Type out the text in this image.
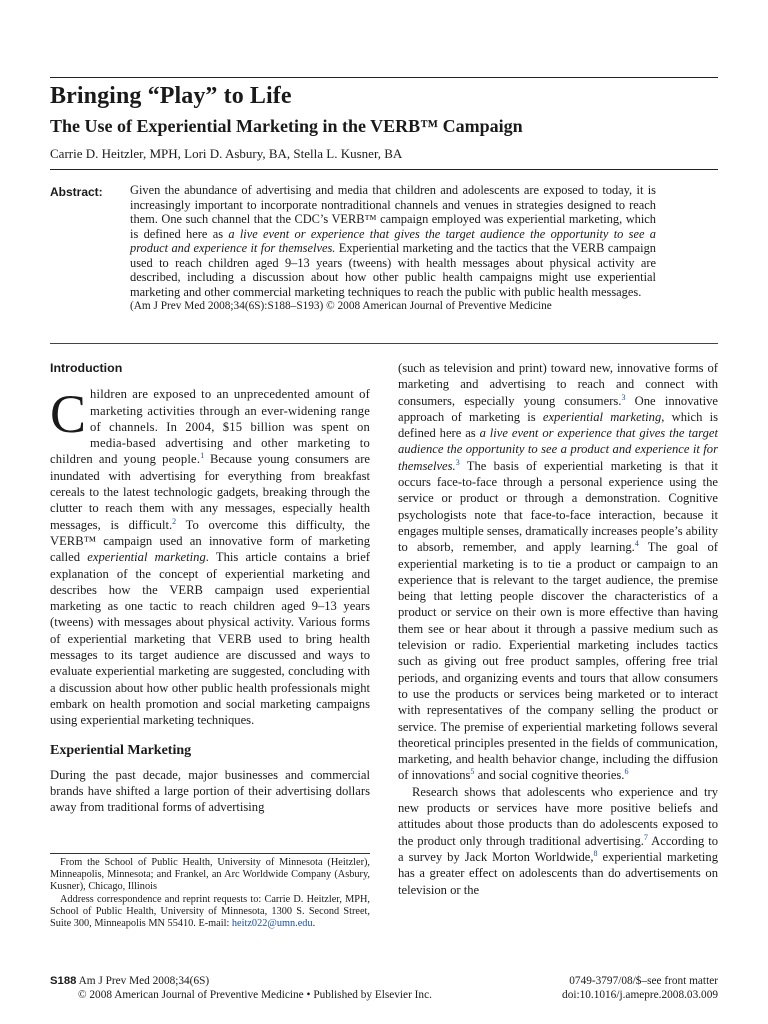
Bringing “Play” to Life
The Use of Experiential Marketing in the VERB™ Campaign
Carrie D. Heitzler, MPH, Lori D. Asbury, BA, Stella L. Kusner, BA
Abstract: Given the abundance of advertising and media that children and adolescents are exposed to today, it is increasingly important to incorporate nontraditional channels and venues in strategies designed to reach them. One such channel that the CDC’s VERB™ campaign employed was experiential marketing, which is defined here as a live event or experience that gives the target audience the opportunity to see a product and experience it for themselves. Experiential marketing and the tactics that the VERB campaign used to reach children aged 9–13 years (tweens) with health messages about physical activity are described, including a discussion about how other public health campaigns might use experiential marketing and other commercial marketing techniques to reach the public with public health messages.
(Am J Prev Med 2008;34(6S):S188–S193) © 2008 American Journal of Preventive Medicine
Introduction

Children are exposed to an unprecedented amount of marketing activities through an ever-widening range of channels. In 2004, $15 billion was spent on media-based advertising and other marketing to children and young people.$^1$ Because young consumers are inundated with advertising for everything from breakfast cereals to the latest technologic gadgets, breaking through the clutter to reach them with any messages, especially health messages, is difficult.$^2$ To overcome this difficulty, the VERB™ campaign used an innovative form of marketing called experiential marketing. This article contains a brief explanation of the concept of experiential marketing and describes how the VERB campaign used experiential marketing as one tactic to reach children aged 9–13 years (tweens) with messages about physical activity. Various forms of experiential marketing that VERB used to bring health messages to its target audience are discussed and ways to evaluate experiential marketing are suggested, concluding with a discussion about how other public health professionals might embark on health promotion and social marketing campaigns using experiential marketing techniques.

Experiential Marketing

During the past decade, major businesses and commercial brands have shifted a large portion of their advertising dollars away from traditional forms of advertising

From the School of Public Health, University of Minnesota (Heitzler), Minneapolis, Minnesota; and Frankel, an Arc Worldwide Company (Asbury, Kusner), Chicago, Illinois

Address correspondence and reprint requests to: Carrie D. Heitzler, MPH, School of Public Health, University of Minnesota, 1300 S. Second Street, Suite 300, Minneapolis MN 55410. E-mail: heitz022@umn.edu.

(such as television and print) toward new, innovative forms of marketing and advertising to reach and connect with consumers, especially young consumers.$^3$ One innovative approach of marketing is experiential marketing, which is defined here as a live event or experience that gives the target audience the opportunity to see a product and experience it for themselves.$^3$ The basis of experiential marketing is that it occurs face-to-face through a personal experience using the service or product or through a demonstration. Cognitive psychologists note that face-to-face interaction, because it engages multiple senses, dramatically increases people’s ability to absorb, remember, and apply learning.$^4$ The goal of experiential marketing is to tie a product or campaign to an experience that is relevant to the target audience, the premise being that letting people discover the characteristics of a product or service on their own is more effective than having them see or hear about it through a passive medium such as television or radio. Experiential marketing includes tactics such as giving out free product samples, offering free trial periods, and organizing events and tours that allow consumers to use the products or services being marketed or to interact with representatives of the company selling the product or service. The premise of experiential marketing follows several theoretical principles presented in the fields of communication, marketing, and health behavior change, including the diffusion of innovations$^5$ and social cognitive theories.$^6$

Research shows that adolescents who experience and try new products or services have more positive beliefs and attitudes about those products than do adolescents exposed to the product only through traditional advertising.$^7$ According to a survey by Jack Morton Worldwide,$^8$ experiential marketing has a greater effect on adolescents than do advertisements on television or the

S188 Am J Prev Med 2008;34(6S)
© 2008 American Journal of Preventive Medicine • Published by Elsevier Inc.
0749-3797/08/$–see front matter
doi:10.1016/j.amepre.2008.03.009
